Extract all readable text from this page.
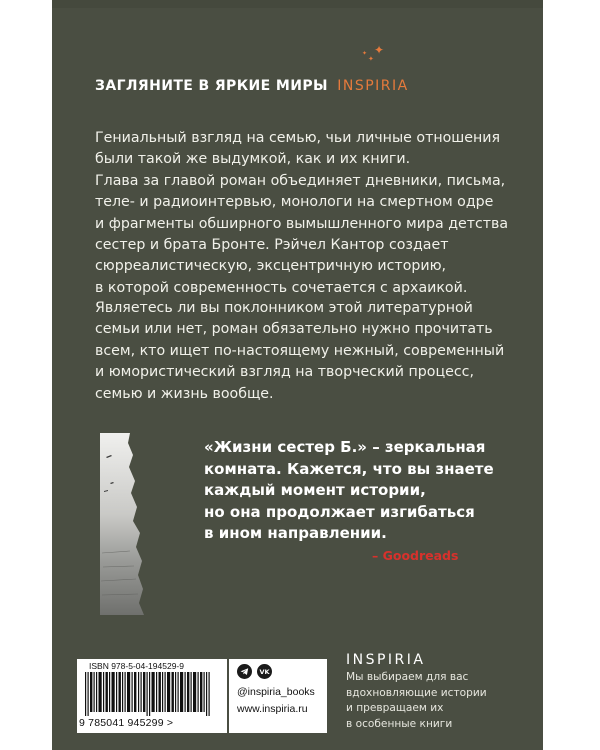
✦
✦
✦
ЗАГЛЯНИТЕ В ЯРКИЕ МИРЫ INSPIRIA

Гениальный взгляд на семью, чьи личные отношения
были такой же выдумкой, как и их книги.
Глава за главой роман объединяет дневники, письма,
теле- и радиоинтервью, монологи на смертном одре
и фрагменты обширного вымышленного мира детства
сестер и брата Бронте. Рэйчел Кантор создает
сюрреалистическую, эксцентричную историю,
в которой современность сочетается с архаикой.

Являетесь ли вы поклонником этой литературной
семьи или нет, роман обязательно нужно прочитать
всем, кто ищет по-настоящему нежный, современный
и юмористический взгляд на творческий процесс,
семью и жизнь вообще.

«Жизни сестер Б.» – зеркальная
комната. Кажется, что вы знаете
каждый момент истории,
но она продолжает изгибаться
в ином направлении.
– Goodreads
ISBN 978-5-04-194529-9
9 785041 945299 >
VK
@inspiria_books
www.inspiria.ru
INSPIRIA
Мы выбираем для вас
вдохновляющие истории
и превращаем их
в особенные книги
